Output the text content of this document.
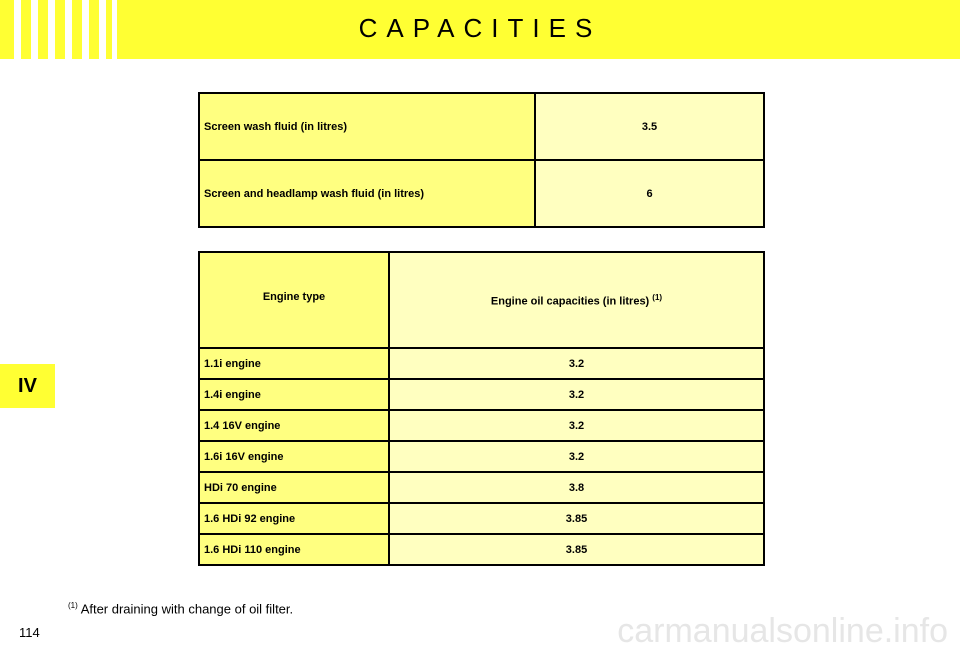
CAPACITIES
IV
Screen wash fluid (in litres)	3.5
Screen and headlamp wash fluid (in litres)	6
Engine type	Engine oil capacities (in litres) $^{(1)}$
1.1i engine	3.2
1.4i engine	3.2
1.4 16V engine	3.2
1.6i 16V engine	3.2
HDi 70 engine	3.8
1.6 HDi 92 engine	3.85
1.6 HDi 110 engine	3.85
$^{(1)}$ After draining with change of oil filter.
114	carmanualsonline.info
